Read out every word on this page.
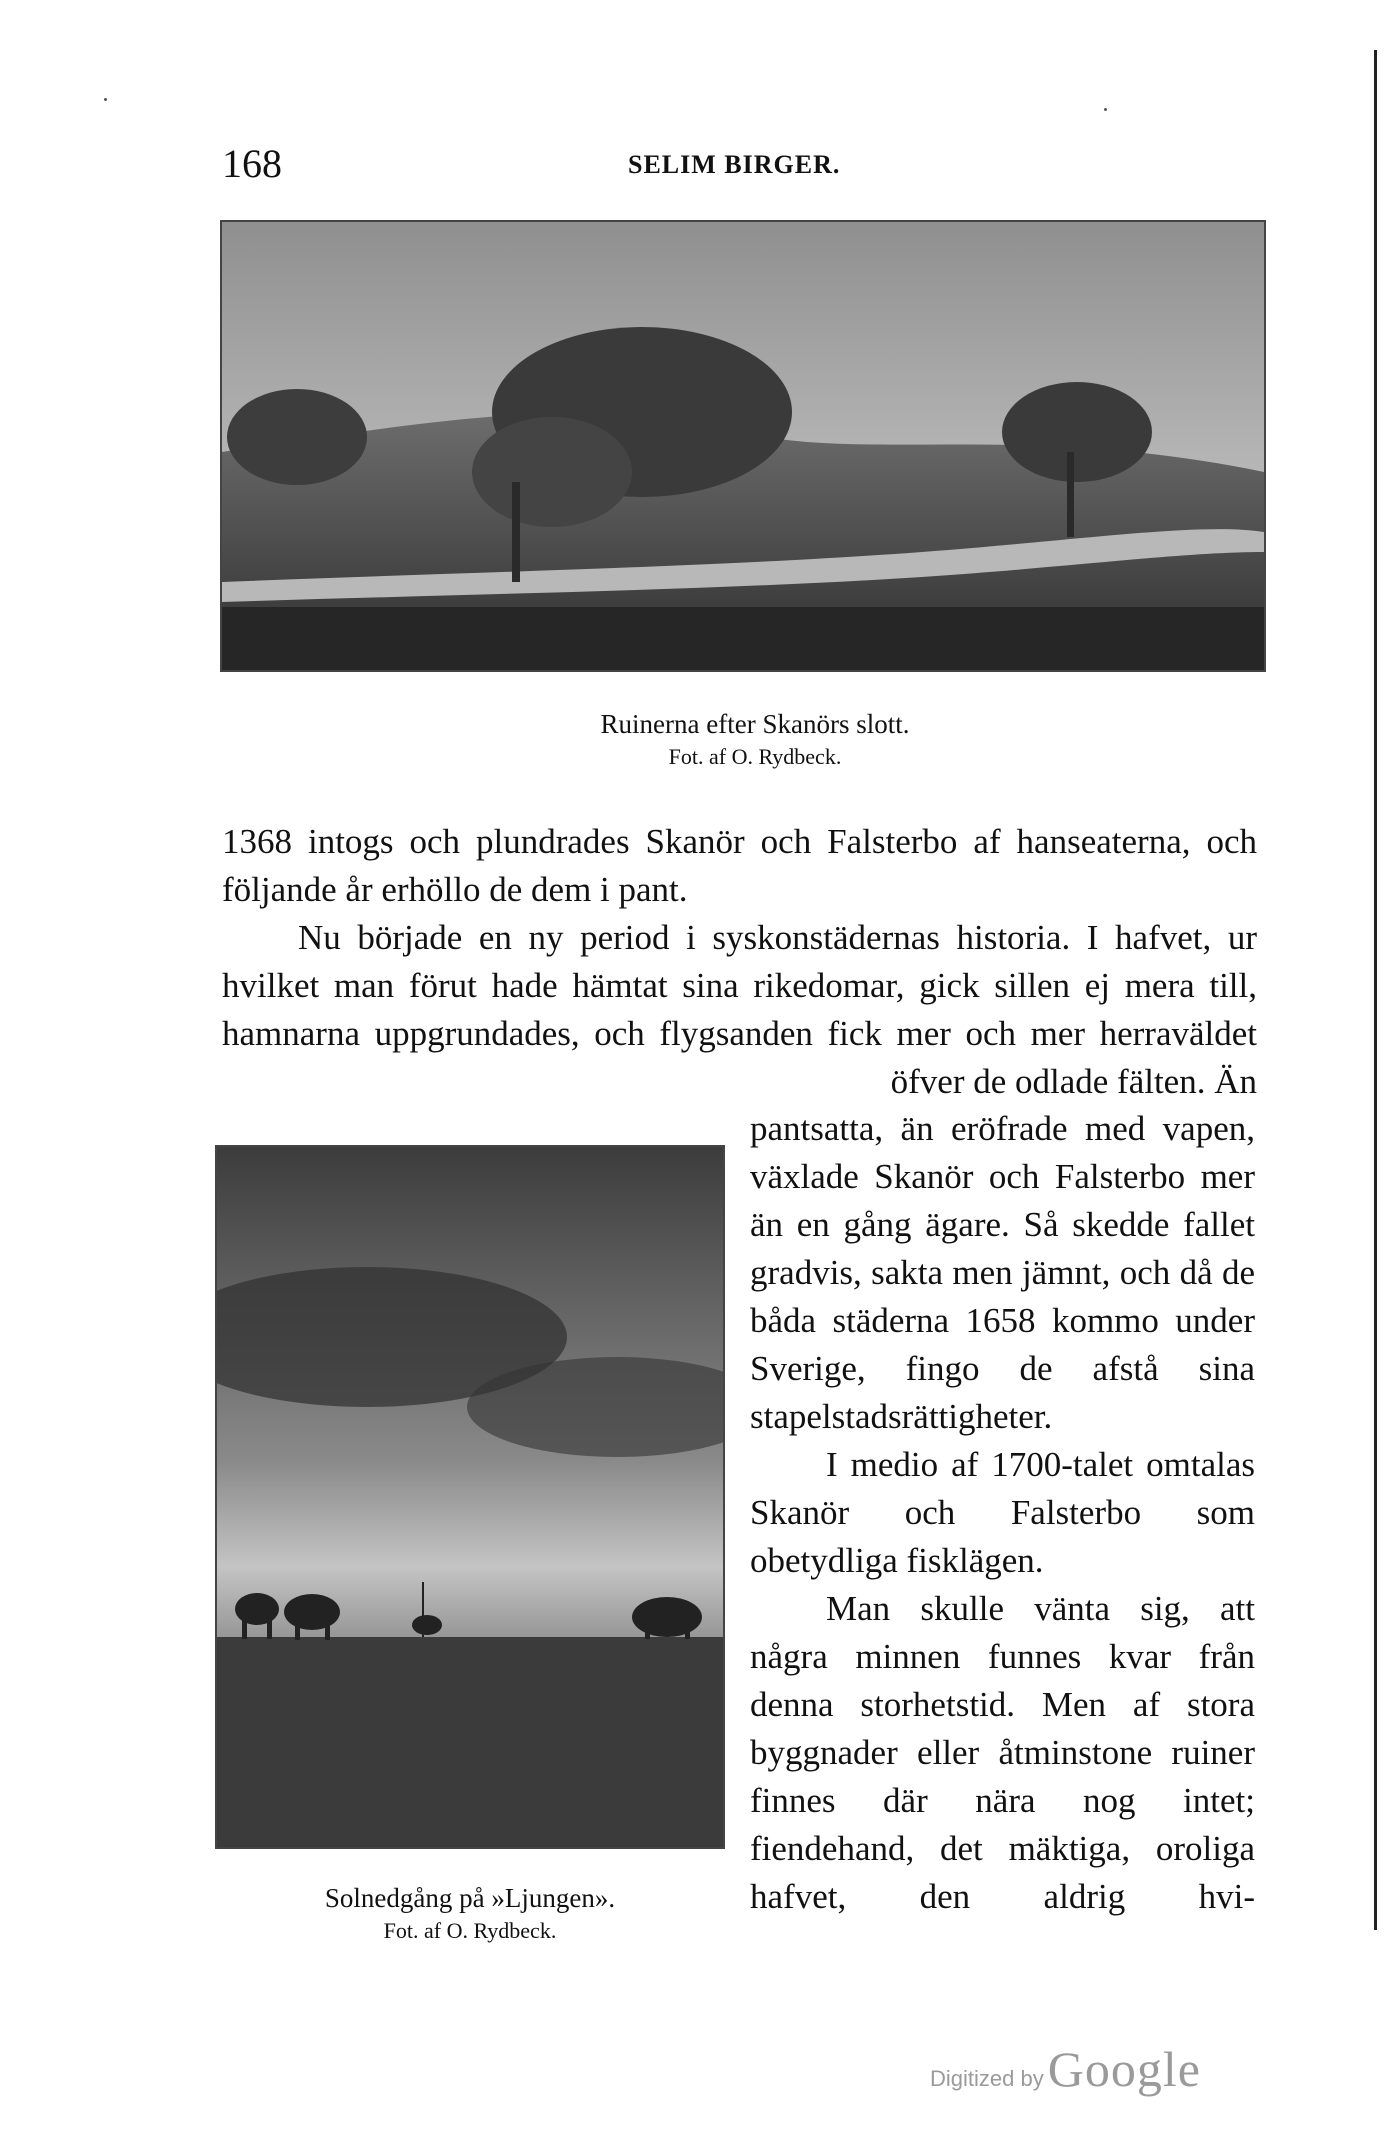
168	SELIM BIRGER.
Ruinerna efter Skanörs slott.
Fot. af O. Rydbeck.

1368 intogs och plundrades Skanör och Falsterbo af hanseaterna, och följande år erhöllo de dem i pant.

Nu började en ny period i syskonstädernas historia. I hafvet, ur hvilket man förut hade hämtat sina rikedomar, gick sillen ej mera till, hamnarna uppgrundades, och flygsanden fick mer och mer herraväldet öfver de odlade fälten. Än

Solnedgång på »Ljungen».
Fot. af O. Rydbeck.

pantsatta, än eröfrade med vapen, växlade Skanör och Falsterbo mer än en gång ägare. Så skedde fallet gradvis, sakta men jämnt, och då de båda städerna 1658 kommo under Sverige, fingo de afstå sina stapelstadsrättigheter.

I medio af 1700-talet omtalas Skanör och Falsterbo som obetydliga fisklägen.

Man skulle vänta sig, att några minnen funnes kvar från denna storhetstid. Men af stora byggnader eller åtminstone ruiner finnes där nära nog intet; fiendehand, det mäktiga, oroliga hafvet, den aldrig hvi-

Digitized by Google
